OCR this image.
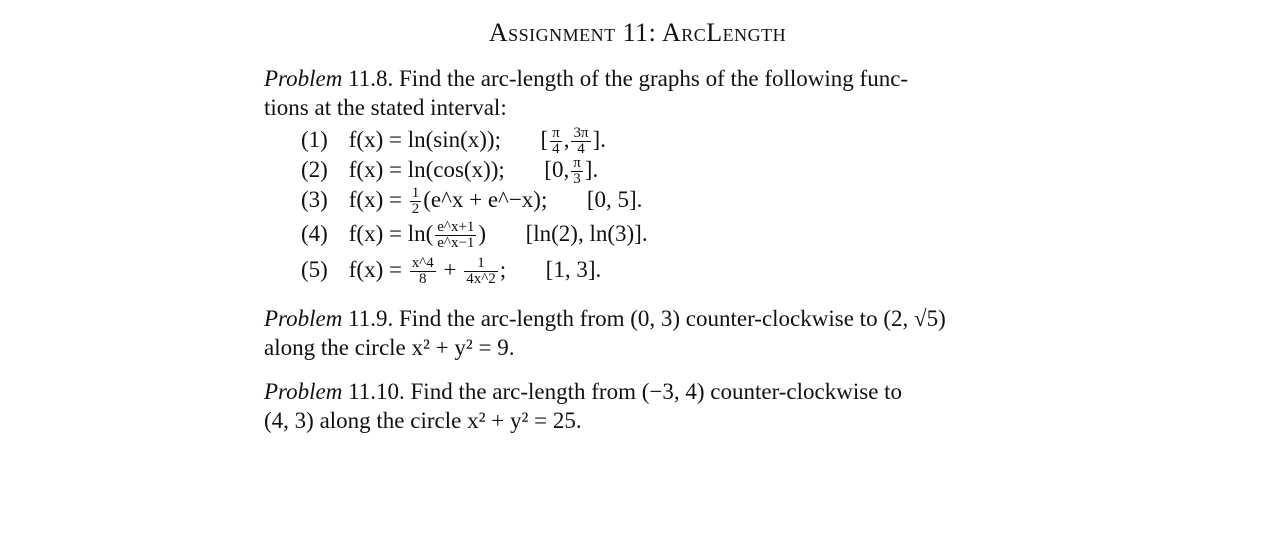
Assignment 11: ArcLength
Problem 11.8. Find the arc-length of the graphs of the following func-
tions at the stated interval:
(1) f(x) = ln(sin(x)); [ $\frac{\pi}{4}$ , $\frac{3\pi}{4}$ ].
(2) f(x) = ln(cos(x)); [0, $\frac{\pi}{3}$ ].
(3) $f(x) = \frac{1}{2}$ (e^x + e^−x); [0, 5].
(4) $f(x) = \ln( \frac{e\^{}x+1}{e\^{}x-1}$ ) [ln(2), ln(3)].
(5) $f(x) = \frac{x\^{}4}{8} + \frac{1}{4x\^{}2}$ ; [1, 3].
Problem 11.9. Find the arc-length from (0, 3) counter-clockwise to (2, √5)
along the circle x² + y² = 9.
Problem 11.10. Find the arc-length from (−3, 4) counter-clockwise to
(4, 3) along the circle x² + y² = 25.
